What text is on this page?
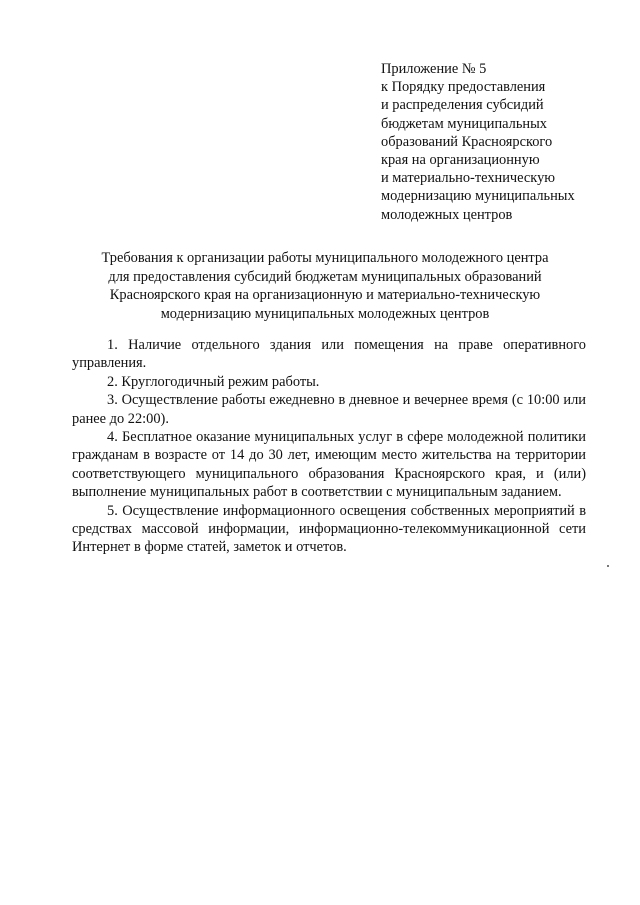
Приложение № 5
к Порядку предоставления
и распределения субсидий
бюджетам муниципальных
образований Красноярского
края на организационную
и материально-техническую
модернизацию муниципальных
молодежных центров
Требования к организации работы муниципального молодежного центра
для предоставления субсидий бюджетам муниципальных образований
Красноярского края на организационную и материально-техническую
модернизацию муниципальных молодежных центров

1. Наличие отдельного здания или помещения на праве оперативного управления.

2. Круглогодичный режим работы.

3. Осуществление работы ежедневно в дневное и вечернее время (с 10:00 или ранее до 22:00).

4. Бесплатное оказание муниципальных услуг в сфере молодежной политики гражданам в возрасте от 14 до 30 лет, имеющим место жительства на территории соответствующего муниципального образования Красноярского края, и (или) выполнение муниципальных работ в соответствии с муниципальным заданием.

5. Осуществление информационного освещения собственных мероприятий в средствах массовой информации, информационно-телекоммуникационной сети Интернет в форме статей, заметок и отчетов.
